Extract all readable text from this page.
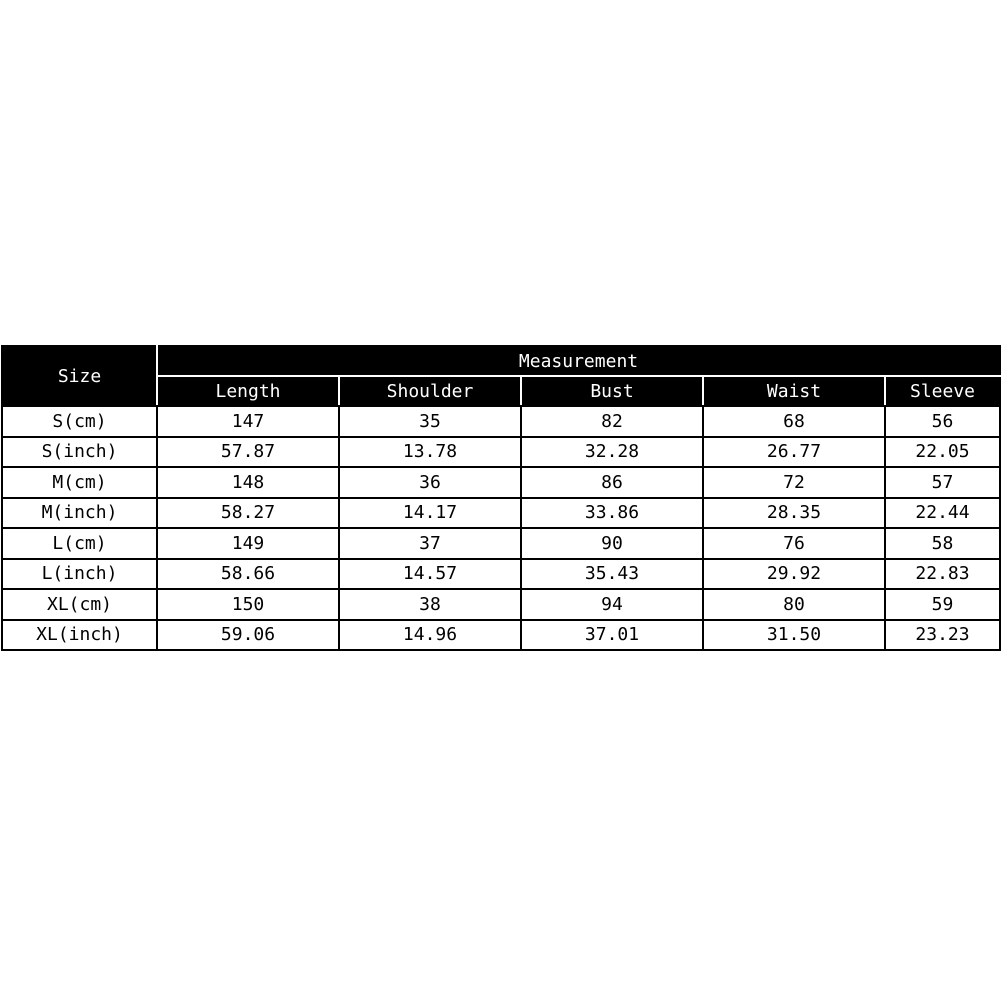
Size	Measurement				
	Length	Shoulder	Bust	Waist	Sleeve
S(cm)	147	35	82	68	56
S(inch)	57.87	13.78	32.28	26.77	22.05
M(cm)	148	36	86	72	57
M(inch)	58.27	14.17	33.86	28.35	22.44
L(cm)	149	37	90	76	58
L(inch)	58.66	14.57	35.43	29.92	22.83
XL(cm)	150	38	94	80	59
XL(inch)	59.06	14.96	37.01	31.50	23.23
